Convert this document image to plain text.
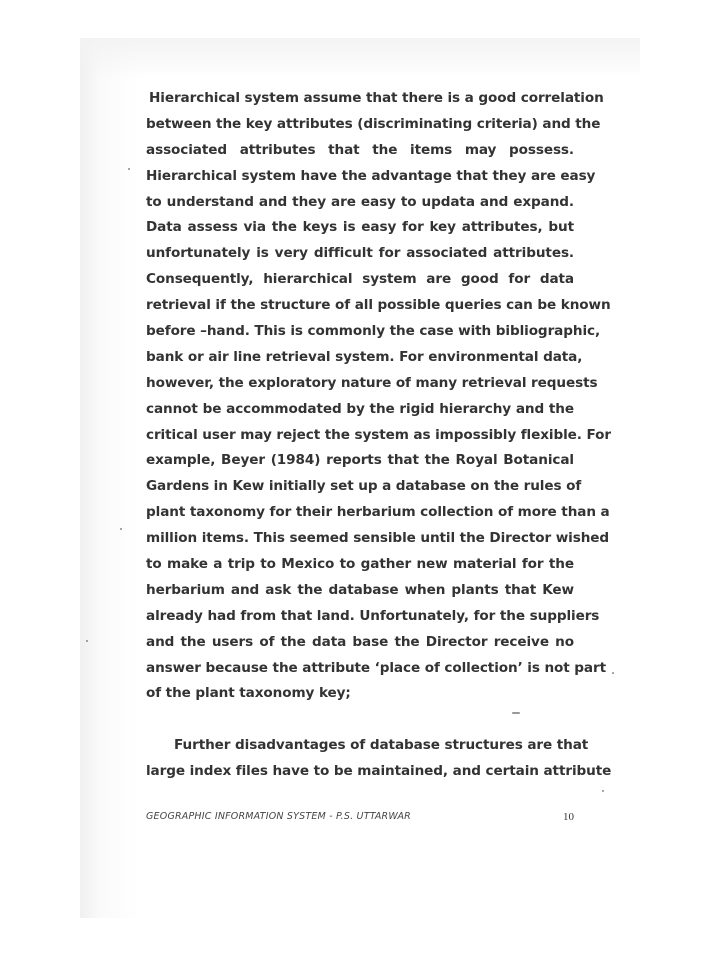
Hierarchical system assume that there is a good correlation
between the key attributes (discriminating criteria) and the
associated attributes that the items may possess.
Hierarchical system have the advantage that they are easy
to understand and they are easy to updata and expand.
Data assess via the keys is easy for key attributes, but
unfortunately is very difficult for associated attributes.
Consequently, hierarchical system are good for data
retrieval if the structure of all possible queries can be known
before –hand. This is commonly the case with bibliographic,
bank or air line retrieval system. For environmental data,
however, the exploratory nature of many retrieval requests
cannot be accommodated by the rigid hierarchy and the
critical user may reject the system as impossibly flexible. For
example, Beyer (1984) reports that the Royal Botanical
Gardens in Kew initially set up a database on the rules of
plant taxonomy for their herbarium collection of more than a
million items. This seemed sensible until the Director wished
to make a trip to Mexico to gather new material for the
herbarium and ask the database when plants that Kew
already had from that land. Unfortunately, for the suppliers
and the users of the data base the Director receive no
answer because the attribute ‘place of collection’ is not part
of the plant taxonomy key;
Further disadvantages of database structures are that
large index files have to be maintained, and certain attribute
GEOGRAPHIC INFORMATION SYSTEM - P.S. UTTARWAR	10
